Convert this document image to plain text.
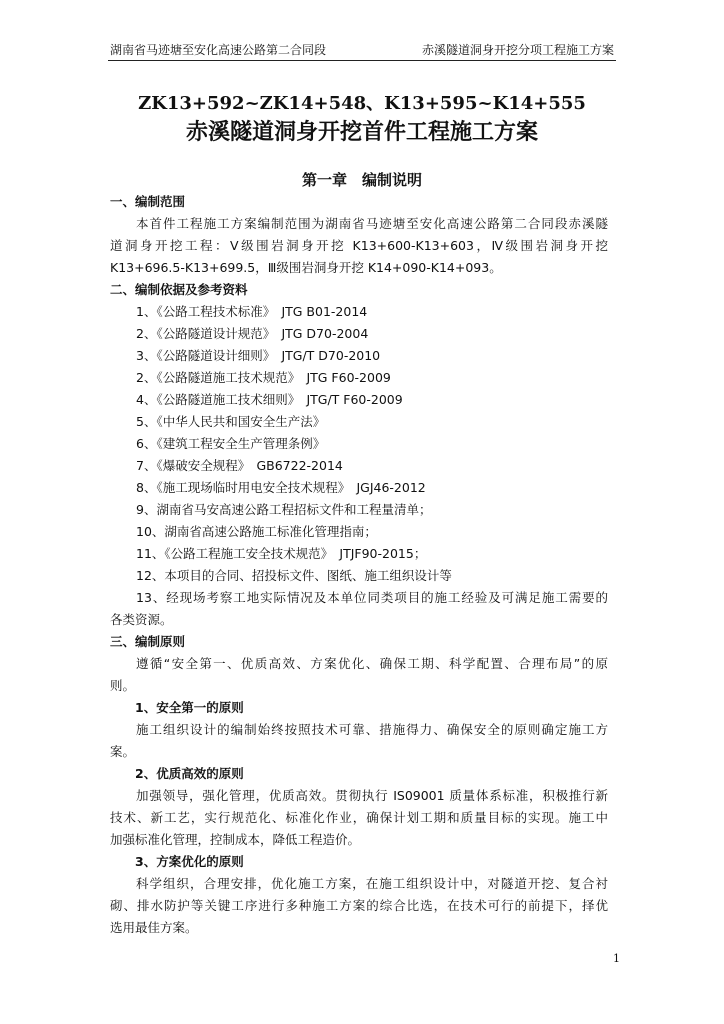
湖南省马迹塘至安化高速公路第二合同段	赤溪隧道洞身开挖分项工程施工方案
ZK13+592~ZK14+548、K13+595~K14+555
赤溪隧道洞身开挖首件工程施工方案
第一章　编制说明
一、编制范围
本首件工程施工方案编制范围为湖南省马迹塘至安化高速公路第二合同段赤溪隧
道洞身开挖工程：Ⅴ级围岩洞身开挖 K13+600-K13+603，Ⅳ级围岩洞身开挖
K13+696.5-K13+699.5，Ⅲ级围岩洞身开挖 K14+090-K14+093。
二、编制依据及参考资料
1、《公路工程技术标准》　JTG B01-2014
2、《公路隧道设计规范》　JTG D70-2004
3、《公路隧道设计细则》　JTG/T D70-2010
2、《公路隧道施工技术规范》　JTG F60-2009
4、《公路隧道施工技术细则》　JTG/T F60-2009
5、《中华人民共和国安全生产法》
6、《建筑工程安全生产管理条例》
7、《爆破安全规程》　GB6722-2014
8、《施工现场临时用电安全技术规程》　JGJ46-2012
9、湖南省马安高速公路工程招标文件和工程量清单；
10、湖南省高速公路施工标准化管理指南；
11、《公路工程施工安全技术规范》　JTJF90-2015；
12、本项目的合同、招投标文件、图纸、施工组织设计等
13、经现场考察工地实际情况及本单位同类项目的施工经验及可满足施工需要的
各类资源。
三、编制原则
遵循“安全第一、优质高效、方案优化、确保工期、科学配置、合理布局”的原
则。
1、安全第一的原则
施工组织设计的编制始终按照技术可靠、措施得力、确保安全的原则确定施工方
案。
2、优质高效的原则
加强领导，强化管理，优质高效。贯彻执行 IS09001 质量体系标准，积极推行新
技术、新工艺，实行规范化、标准化作业，确保计划工期和质量目标的实现。施工中
加强标准化管理，控制成本，降低工程造价。
3、方案优化的原则
科学组织，合理安排，优化施工方案，在施工组织设计中，对隧道开挖、复合衬
砌、排水防护等关键工序进行多种施工方案的综合比选，在技术可行的前提下，择优
选用最佳方案。
1
